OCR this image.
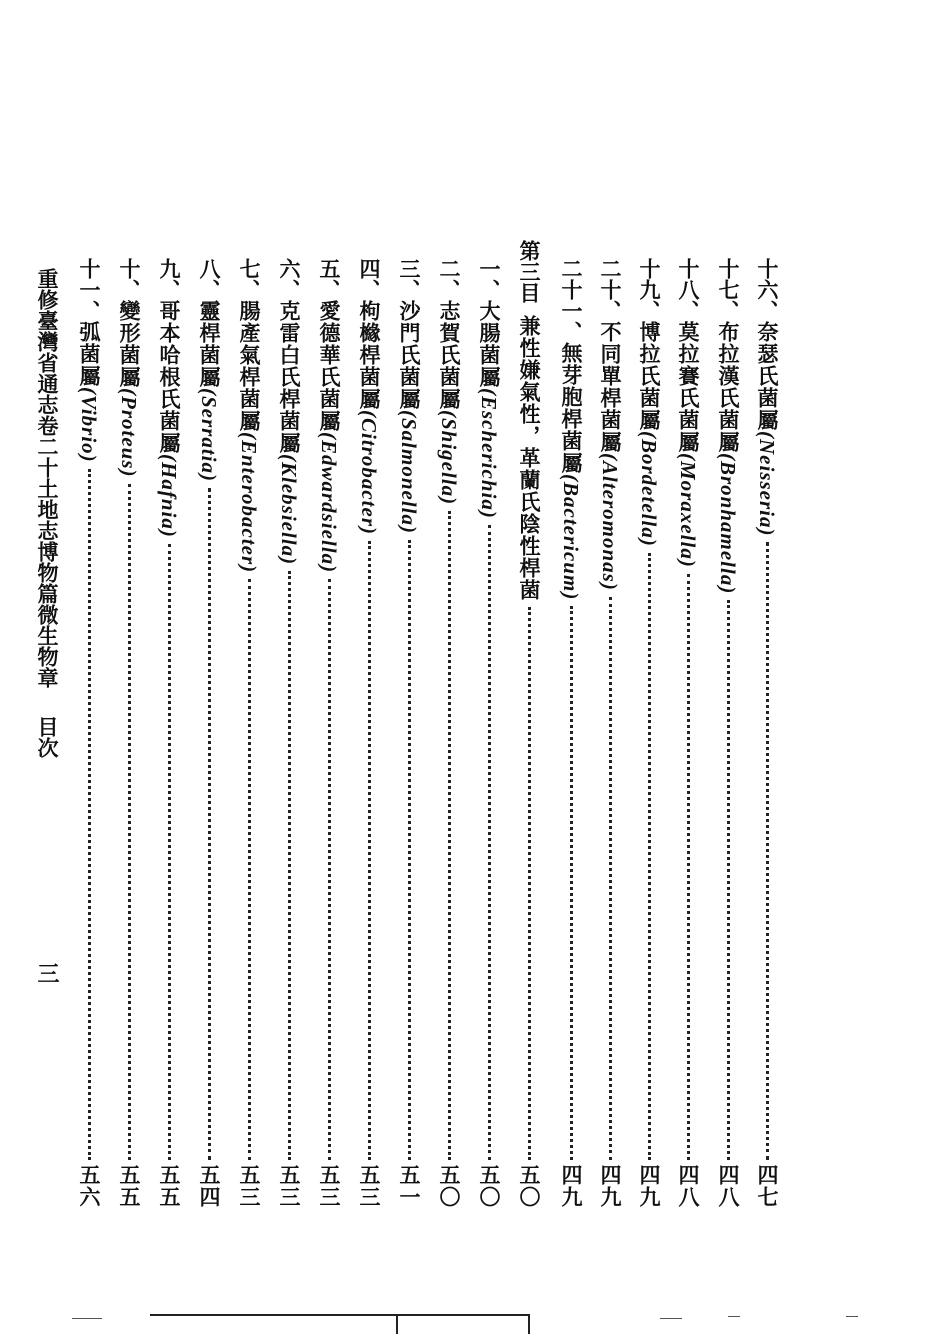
重修臺灣省通志卷二十土地志博物篇微生物章目次
三
十六、
奈瑟氏菌屬
(Neisseria)
四七
十七、
布拉漢氏菌屬
(Bronhamella)
四八
十八、
莫拉賽氏菌屬
(Moraxella)
四八
十九、
博拉氏菌屬
(Bordetella)
四九
二十、
不同單桿菌屬
(Alteromonas)
四九
二十一、
無芽胞桿菌屬
(Bactericum)
四九
第三目
兼性嫌氣性，革蘭氏陰性桿菌
五〇
一、
大腸菌屬
(Escherichia)
五〇
二、
志賀氏菌屬
(Shigella)
五〇
三、
沙門氏菌屬
(Salmonella)
五一
四、
枸櫞桿菌屬
(Citrobacter)
五三
五、
愛德華氏菌屬
(Edwardsiella)
五三
六、
克雷白氏桿菌屬
(Klebsiella)
五三
七、
腸產氣桿菌屬
(Enterobacter)
五三
八、
靈桿菌屬
(Serratia)
五四
九、
哥本哈根氏菌屬
(Hafnia)
五五
十、
變形菌屬
(Proteus)
五五
十一、
弧菌屬
(Vibrio)
五六
